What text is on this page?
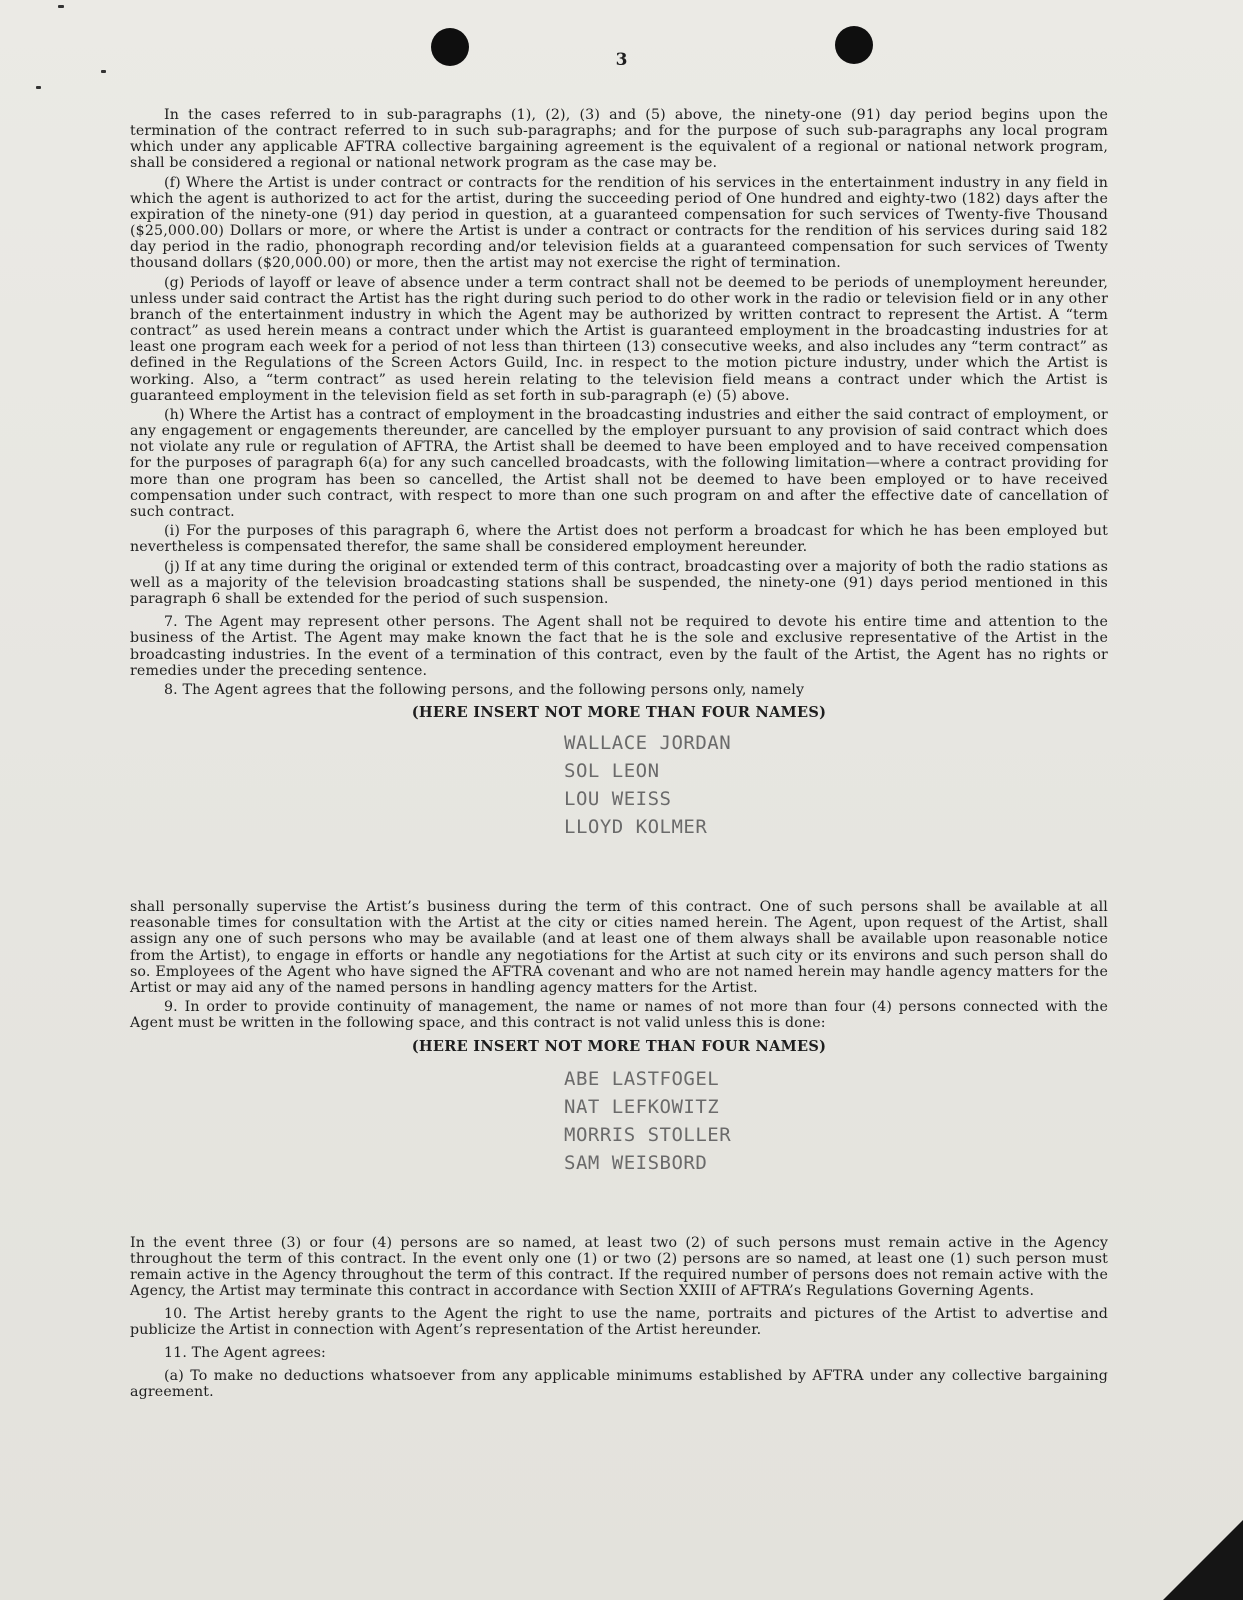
3

In the cases referred to in sub-paragraphs (1), (2), (3) and (5) above, the ninety-one (91) day period begins upon the termination of the contract referred to in such sub-paragraphs; and for the purpose of such sub-paragraphs any local program which under any applicable AFTRA collective bargaining agreement is the equivalent of a regional or national network program, shall be considered a regional or national network program as the case may be.

(f) Where the Artist is under contract or contracts for the rendition of his services in the entertainment industry in any field in which the agent is authorized to act for the artist, during the succeeding period of One hundred and eighty-two (182) days after the expiration of the ninety-one (91) day period in question, at a guaranteed compensation for such services of Twenty-five Thousand ($25,000.00) Dollars or more, or where the Artist is under a contract or contracts for the rendition of his services during said 182 day period in the radio, phonograph recording and/or television fields at a guaranteed compensation for such services of Twenty thousand dollars ($20,000.00) or more, then the artist may not exercise the right of termination.

(g) Periods of layoff or leave of absence under a term contract shall not be deemed to be periods of unemployment hereunder, unless under said contract the Artist has the right during such period to do other work in the radio or television field or in any other branch of the entertainment industry in which the Agent may be authorized by written contract to represent the Artist. A “term contract” as used herein means a contract under which the Artist is guaranteed employment in the broadcasting industries for at least one program each week for a period of not less than thirteen (13) consecutive weeks, and also includes any “term contract” as defined in the Regulations of the Screen Actors Guild, Inc. in respect to the motion picture industry, under which the Artist is working. Also, a “term contract” as used herein relating to the television field means a contract under which the Artist is guaranteed employment in the television field as set forth in sub-paragraph (e) (5) above.

(h) Where the Artist has a contract of employment in the broadcasting industries and either the said contract of employment, or any engagement or engagements thereunder, are cancelled by the employer pursuant to any provision of said contract which does not violate any rule or regulation of AFTRA, the Artist shall be deemed to have been employed and to have received compensation for the purposes of paragraph 6(a) for any such cancelled broadcasts, with the following limitation—where a contract providing for more than one program has been so cancelled, the Artist shall not be deemed to have been employed or to have received compensation under such contract, with respect to more than one such program on and after the effective date of cancellation of such contract.

(i) For the purposes of this paragraph 6, where the Artist does not perform a broadcast for which he has been employed but nevertheless is compensated therefor, the same shall be considered employment hereunder.

(j) If at any time during the original or extended term of this contract, broadcasting over a majority of both the radio stations as well as a majority of the television broadcasting stations shall be suspended, the ninety-one (91) days period mentioned in this paragraph 6 shall be extended for the period of such suspension.

7. The Agent may represent other persons. The Agent shall not be required to devote his entire time and attention to the business of the Artist. The Agent may make known the fact that he is the sole and exclusive representative of the Artist in the broadcasting industries. In the event of a termination of this contract, even by the fault of the Artist, the Agent has no rights or remedies under the preceding sentence.

8. The Agent agrees that the following persons, and the following persons only, namely

(HERE INSERT NOT MORE THAN FOUR NAMES)
WALLACE JORDAN
SOL LEON
LOU WEISS
LLOYD KOLMER

shall personally supervise the Artist’s business during the term of this contract. One of such persons shall be available at all reasonable times for consultation with the Artist at the city or cities named herein. The Agent, upon request of the Artist, shall assign any one of such persons who may be available (and at least one of them always shall be available upon reasonable notice from the Artist), to engage in efforts or handle any negotiations for the Artist at such city or its environs and such person shall do so. Employees of the Agent who have signed the AFTRA covenant and who are not named herein may handle agency matters for the Artist or may aid any of the named persons in handling agency matters for the Artist.

9. In order to provide continuity of management, the name or names of not more than four (4) persons connected with the Agent must be written in the following space, and this contract is not valid unless this is done:

(HERE INSERT NOT MORE THAN FOUR NAMES)
ABE LASTFOGEL
NAT LEFKOWITZ
MORRIS STOLLER
SAM WEISBORD

In the event three (3) or four (4) persons are so named, at least two (2) of such persons must remain active in the Agency throughout the term of this contract. In the event only one (1) or two (2) persons are so named, at least one (1) such person must remain active in the Agency throughout the term of this contract. If the required number of persons does not remain active with the Agency, the Artist may terminate this contract in accordance with Section XXIII of AFTRA’s Regulations Governing Agents.

10. The Artist hereby grants to the Agent the right to use the name, portraits and pictures of the Artist to advertise and publicize the Artist in connection with Agent’s representation of the Artist hereunder.

11. The Agent agrees:

(a) To make no deductions whatsoever from any applicable minimums established by AFTRA under any collective bargaining agreement.
